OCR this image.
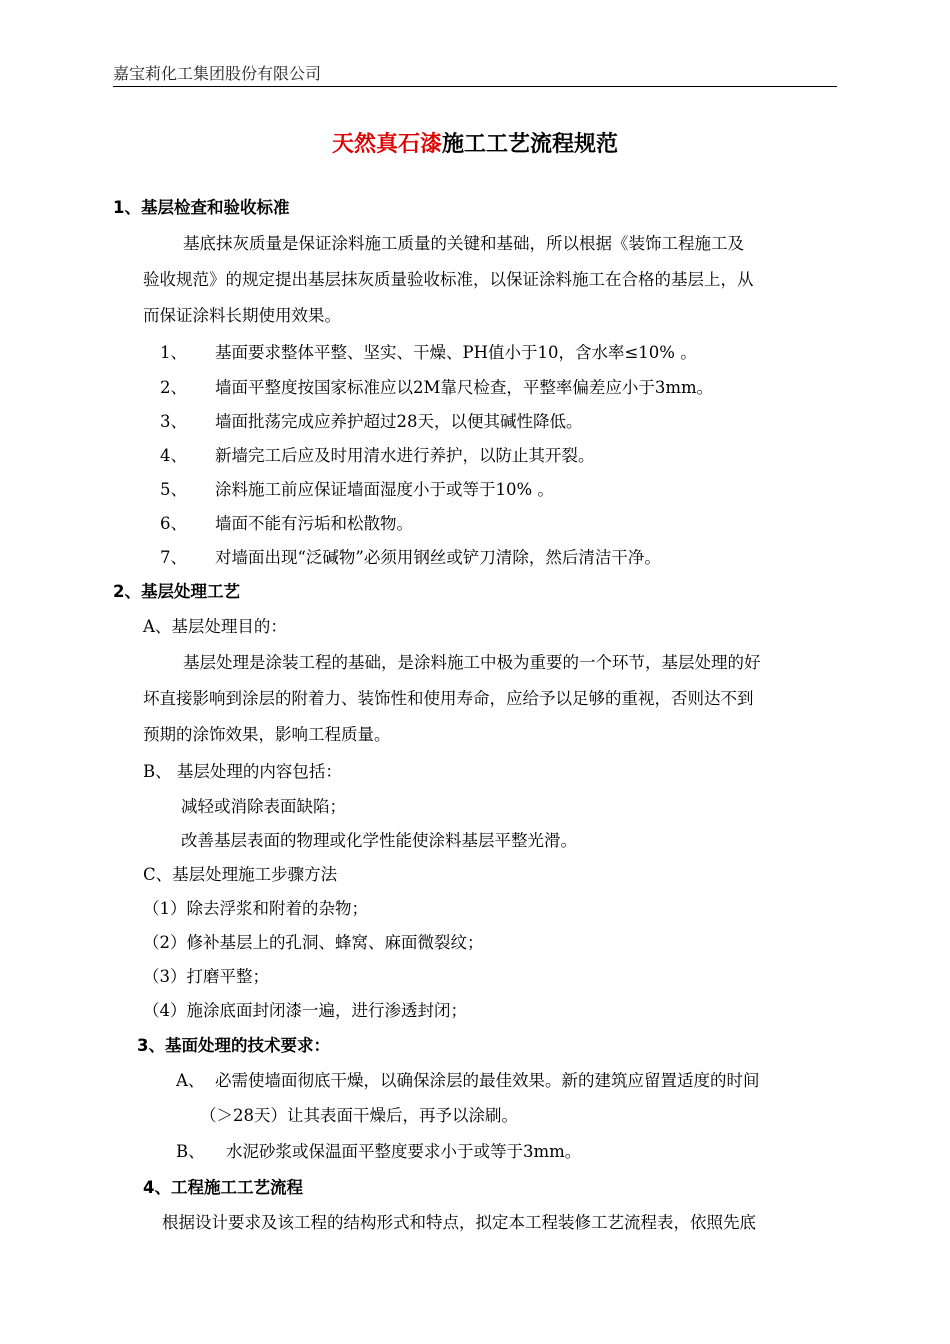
嘉宝莉化工集团股份有限公司
天然真石漆施工工艺流程规范
1、基层检查和验收标准
基底抹灰质量是保证涂料施工质量的关键和基础，所以根据《装饰工程施工及
验收规范》的规定提出基层抹灰质量验收标准，以保证涂料施工在合格的基层上，从
而保证涂料长期使用效果。
1、 基面要求整体平整、坚实、干燥、PH值小于10，含水率≤10% 。
2、 墙面平整度按国家标准应以2M靠尺检查，平整率偏差应小于3mm。
3、 墙面批荡完成应养护超过28天，以便其碱性降低。
4、 新墙完工后应及时用清水进行养护，以防止其开裂。
5、 涂料施工前应保证墙面湿度小于或等于10% 。
6、 墙面不能有污垢和松散物。
7、 对墙面出现“泛碱物”必须用钢丝或铲刀清除，然后清洁干净。
2、基层处理工艺
A、基层处理目的：
基层处理是涂装工程的基础，是涂料施工中极为重要的一个环节，基层处理的好
坏直接影响到涂层的附着力、装饰性和使用寿命，应给予以足够的重视，否则达不到
预期的涂饰效果，影响工程质量。
B、 基层处理的内容包括：
减轻或消除表面缺陷；
改善基层表面的物理或化学性能使涂料基层平整光滑。
C、基层处理施工步骤方法
（1）除去浮浆和附着的杂物；
（2）修补基层上的孔洞、蜂窝、麻面微裂纹；
（3）打磨平整；
（4）施涂底面封闭漆一遍，进行渗透封闭；
3、基面处理的技术要求：
A、 必需使墙面彻底干燥，以确保涂层的最佳效果。新的建筑应留置适度的时间
（＞28天）让其表面干燥后，再予以涂刷。
B、 水泥砂浆或保温面平整度要求小于或等于3mm。
4、工程施工工艺流程
根据设计要求及该工程的结构形式和特点，拟定本工程装修工艺流程表，依照先底
